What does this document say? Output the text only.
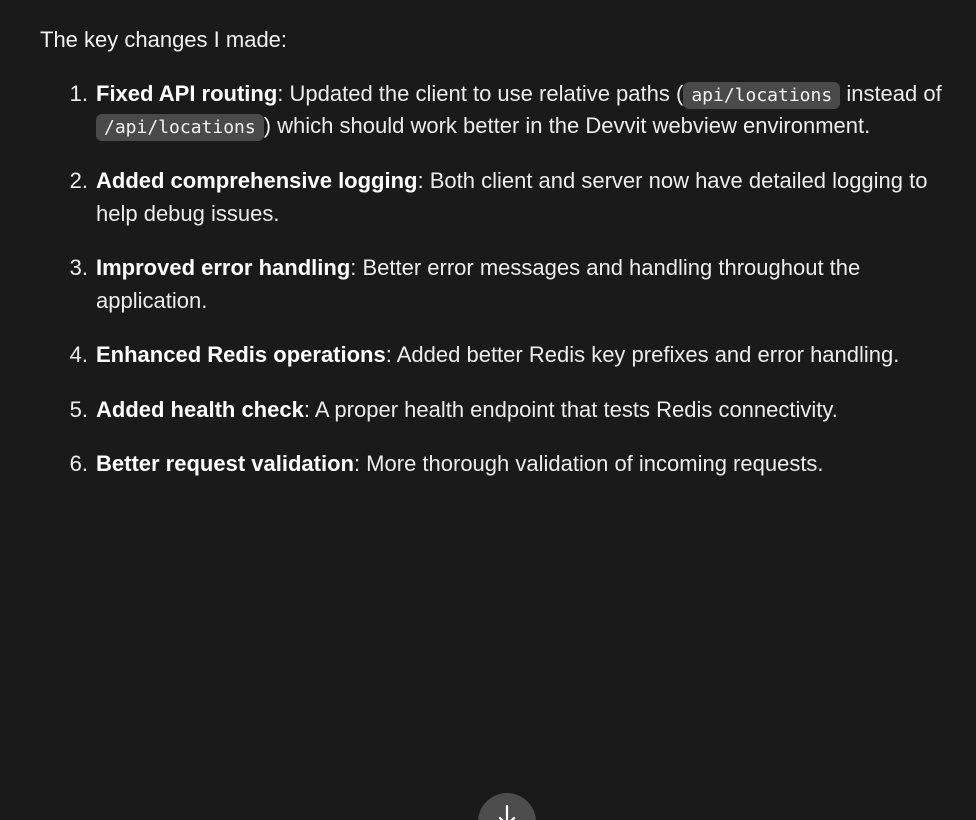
The key changes I made:

Fixed API routing: Updated the client to use relative paths ( api/locations instead of /api/locations ) which should work better in the Devvit webview environment.
Added comprehensive logging: Both client and server now have detailed logging to help debug issues.
Improved error handling: Better error messages and handling throughout the application.
Enhanced Redis operations: Added better Redis key prefixes and error handling.
Added health check: A proper health endpoint that tests Redis connectivity.
Better request validation: More thorough validation of incoming requests.
